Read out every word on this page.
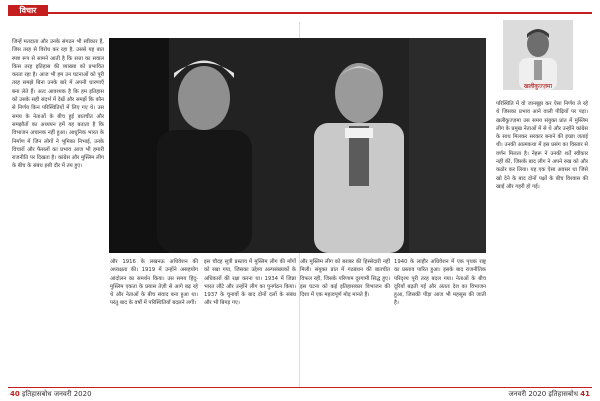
विचार

जिन्हें मतदाता और उनके संगठन भी स्वीकार हैं, जिस तरह से विरोध कर रहा है, उससे यह बात स्पष्ट रूप से सामने आती है कि सत्ता का सवाल किस तरह इतिहास की व्याख्या को प्रभावित करता रहा है। आज भी हम उन घटनाओं को पूरी तरह समझे बिना उनके बारे में अपनी धारणाएँ बना लेते हैं। अतः आवश्यक है कि हम इतिहास को उसके सही संदर्भ में देखें और समझें कि कौन से निर्णय किन परिस्थितियों में लिए गए थे। उस समय के नेताओं के बीच हुई बातचीत और समझौतों का अध्ययन हमें यह बताता है कि विभाजन अचानक नहीं हुआ। आधुनिक भारत के निर्माण में जिन लोगों ने भूमिका निभाई, उनके विचारों और फैसलों का प्रभाव आज भी हमारी राजनीति पर दिखता है। कांग्रेस और मुस्लिम लीग के बीच के संबंध इसी दौर में तय हुए।

खलीकुज्ज़मा

और 1916 के लखनऊ अधिवेशन की अध्यक्षता की। 1919 में उन्होंने असहयोग आंदोलन का समर्थन किया। उस समय हिंदू-मुस्लिम एकता के प्रयास तेज़ी से आगे बढ़ रहे थे और नेताओं के बीच संवाद बना हुआ था। परंतु बाद के वर्षों में परिस्थितियाँ बदलने लगीं।

इस चौदह सूत्री प्रस्ताव में मुस्लिम लीग की माँगों को रखा गया, जिसका उद्देश्य अल्पसंख्यकों के अधिकारों की रक्षा करना था। 1934 में जिन्ना भारत लौटे और उन्होंने लीग का पुनर्गठन किया। 1937 के चुनावों के बाद दोनों दलों के संबंध और भी बिगड़ गए।

और मुस्लिम लीग को बराबर की हिस्सेदारी नहीं मिली। संयुक्त प्रांत में गठबंधन की बातचीत विफल रही, जिसके परिणाम दूरगामी सिद्ध हुए। इस घटना को कई इतिहासकार विभाजन की दिशा में एक महत्वपूर्ण मोड़ मानते हैं।

1940 के लाहौर अधिवेशन में एक पृथक राष्ट्र का प्रस्ताव पारित हुआ। इसके बाद राजनीतिक परिदृश्य पूरी तरह बदल गया। नेताओं के बीच दूरियाँ बढ़ती गईं और अंततः देश का विभाजन हुआ, जिसकी पीड़ा आज भी महसूस की जाती है।

परिस्थिति में वो जानबूझ कर ऐसा निर्णय ले रहे थे जिसका प्रभाव आने वाली पीढ़ियों पर पड़ा। खलीकुज्ज़मा उस समय संयुक्त प्रांत में मुस्लिम लीग के प्रमुख नेताओं में से थे और उन्होंने कांग्रेस के साथ मिलकर सरकार बनाने की इच्छा जताई थी। उनकी आत्मकथा में इस प्रसंग का विस्तार से वर्णन मिलता है। नेहरू ने उनकी शर्तें स्वीकार नहीं कीं, जिसके बाद लीग ने अपने रुख को और कठोर कर लिया। यह एक ऐसा अवसर था जिसे खो देने के बाद दोनों पक्षों के बीच विश्वास की खाई और गहरी हो गई।

40 इतिहासबोध जनवरी 2020	जनवरी 2020 इतिहासबोध 41
